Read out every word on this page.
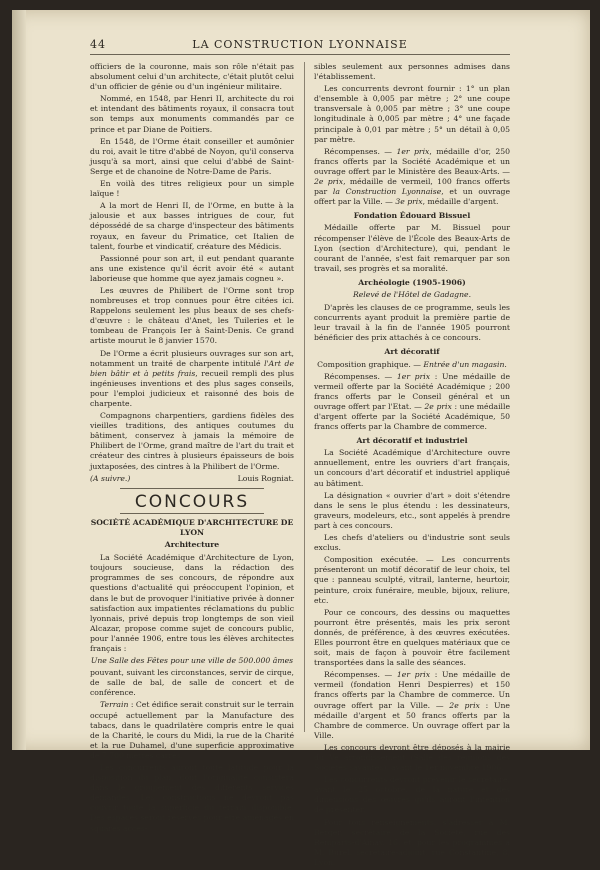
44	LA CONSTRUCTION LYONNAISE

officiers de la couronne, mais son rôle n'était pas absolument celui d'un architecte, c'était plutôt celui d'un officier de génie ou d'un ingénieur militaire.

Nommé, en 1548, par Henri II, architecte du roi et intendant des bâtiments royaux, il consacra tout son temps aux monuments commandés par ce prince et par Diane de Poitiers.

En 1548, de l'Orme était conseiller et aumônier du roi, avait le titre d'abbé de Noyon, qu'il conserva jusqu'à sa mort, ainsi que celui d'abbé de Saint-Serge et de chanoine de Notre-Dame de Paris.

En voilà des titres religieux pour un simple laïque !

A la mort de Henri II, de l'Orme, en butte à la jalousie et aux basses intrigues de cour, fut dépossédé de sa charge d'inspecteur des bâtiments royaux, en faveur du Primatice, cet Italien de talent, fourbe et vindicatif, créature des Médicis.

Passionné pour son art, il eut pendant quarante ans une existence qu'il écrit avoir été « autant laborieuse que homme que ayez jamais cogneu ».

Les œuvres de Philibert de l'Orme sont trop nombreuses et trop connues pour être citées ici. Rappelons seulement les plus beaux de ses chefs-d'œuvre : le château d'Anet, les Tuileries et le tombeau de François Ier à Saint-Denis. Ce grand artiste mourut le 8 janvier 1570.

De l'Orme a écrit plusieurs ouvrages sur son art, notamment un traité de charpente intitulé l'Art de bien bâtir et à petits frais, recueil rempli des plus ingénieuses inventions et des plus sages conseils, pour l'emploi judicieux et raisonné des bois de charpente.

Compagnons charpentiers, gardiens fidèles des vieilles traditions, des antiques coutumes du bâtiment, conservez à jamais la mémoire de Philibert de l'Orme, grand maître de l'art du trait et créateur des cintres à plusieurs épaisseurs de bois juxtaposées, des cintres à la Philibert de l'Orme.

(A suivre.)	Louis Rogniat.
CONCOURS
SOCIÉTÉ ACADÉMIQUE D'ARCHITECTURE DE LYON
Architecture

La Société Académique d'Architecture de Lyon, toujours soucieuse, dans la rédaction des programmes de ses concours, de répondre aux questions d'actualité qui préoccupent l'opinion, et dans le but de provoquer l'initiative privée à donner satisfaction aux impatientes réclamations du public lyonnais, privé depuis trop longtemps de son vieil Alcazar, propose comme sujet de concours public, pour l'année 1906, entre tous les élèves architectes français :

Une Salle des Fêtes pour une ville de 500.000 âmes

pouvant, suivant les circonstances, servir de cirque, de salle de bal, de salle de concert et de conférence.

Terrain : Cet édifice serait construit sur le terrain occupé actuellement par la Manufacture des tabacs, dans le quadrilatère compris entre le quai de la Charité, le cours du Midi, la rue de la Charité et la rue Duhamel, d'une superficie approximative de 7.700 mètres carrés.

Les concurrents auront toute latitude pour la disposition du plan, dont l'originalité consistera dans le groupement des différents services demandés. Les constructions ne devront pas couvrir toute la superficie du terrain disponible. Des espaces seront réservés pour être aménagés en squares acces-

sibles seulement aux personnes admises dans l'établissement.

Les concurrents devront fournir : 1° un plan d'ensemble à 0,005 par mètre ; 2° une coupe transversale à 0,005 par mètre ; 3° une coupe longitudinale à 0,005 par mètre ; 4° une façade principale à 0,01 par mètre ; 5° un détail à 0,05 par mètre.

Récompenses. — 1er prix, médaille d'or, 250 francs offerts par la Société Académique et un ouvrage offert par le Ministère des Beaux-Arts. — 2e prix, médaille de vermeil, 100 francs offerts par la Construction Lyonnaise, et un ouvrage offert par la Ville. — 3e prix, médaille d'argent.

Fondation Édouard Bissuel

Médaille offerte par M. Bissuel pour récompenser l'élève de l'École des Beaux-Arts de Lyon (section d'Architecture), qui, pendant le courant de l'année, s'est fait remarquer par son travail, ses progrès et sa moralité.

Archéologie (1905-1906)
Relevé de l'Hôtel de Gadagne.

D'après les clauses de ce programme, seuls les concurrents ayant produit la première partie de leur travail à la fin de l'année 1905 pourront bénéficier des prix attachés à ce concours.

Art décoratif

Composition graphique. — Entrée d'un magasin.

Récompenses. — 1er prix : Une médaille de vermeil offerte par la Société Académique ; 200 francs offerts par le Conseil général et un ouvrage offert par l'Etat. — 2e prix : une médaille d'argent offerte par la Société Académique, 50 francs offerts par la Chambre de commerce.

Art décoratif et industriel

La Société Académique d'Architecture ouvre annuellement, entre les ouvriers d'art français, un concours d'art décoratif et industriel appliqué au bâtiment.

La désignation « ouvrier d'art » doit s'étendre dans le sens le plus étendu : les dessinateurs, graveurs, modeleurs, etc., sont appelés à prendre part à ces concours.

Les chefs d'ateliers ou d'industrie sont seuls exclus.

Composition exécutée. — Les concurrents présenteront un motif décoratif de leur choix, tel que : panneau sculpté, vitrail, lanterne, heurtoir, peinture, croix funéraire, meuble, bijoux, reliure, etc.

Pour ce concours, des dessins ou maquettes pourront être présentés, mais les prix seront donnés, de préférence, à des œuvres exécutées. Elles pourront être en quelques matériaux que ce soit, mais de façon à pouvoir être facilement transportées dans la salle des séances.

Récompenses. — 1er prix : Une médaille de vermeil (fondation Henri Despierres) et 150 francs offerts par la Chambre de commerce. Un ouvrage offert par la Ville. — 2e prix : Une médaille d'argent et 50 francs offerts par la Chambre de commerce. Un ouvrage offert par la Ville.

Les concours devront être déposés à la mairie du Ve arrondissement (Salle des réunions des Sociétés savantes), avant le 1er novembre 1906.

Les concurrents devront prévenir le secrétaire, avant le 25 octobre, de la nature et des dimensions des œuvres qu'ils auront l'intention de présenter.

Pour tous renseignements, s'adresser à M. Berger, secrétaire de la Société, rue des Remparts-d'Ainay, 16, et, pour les programmes à M. Burel, secrétaire-adjoint, rue Constantine, 8, Lyon.
